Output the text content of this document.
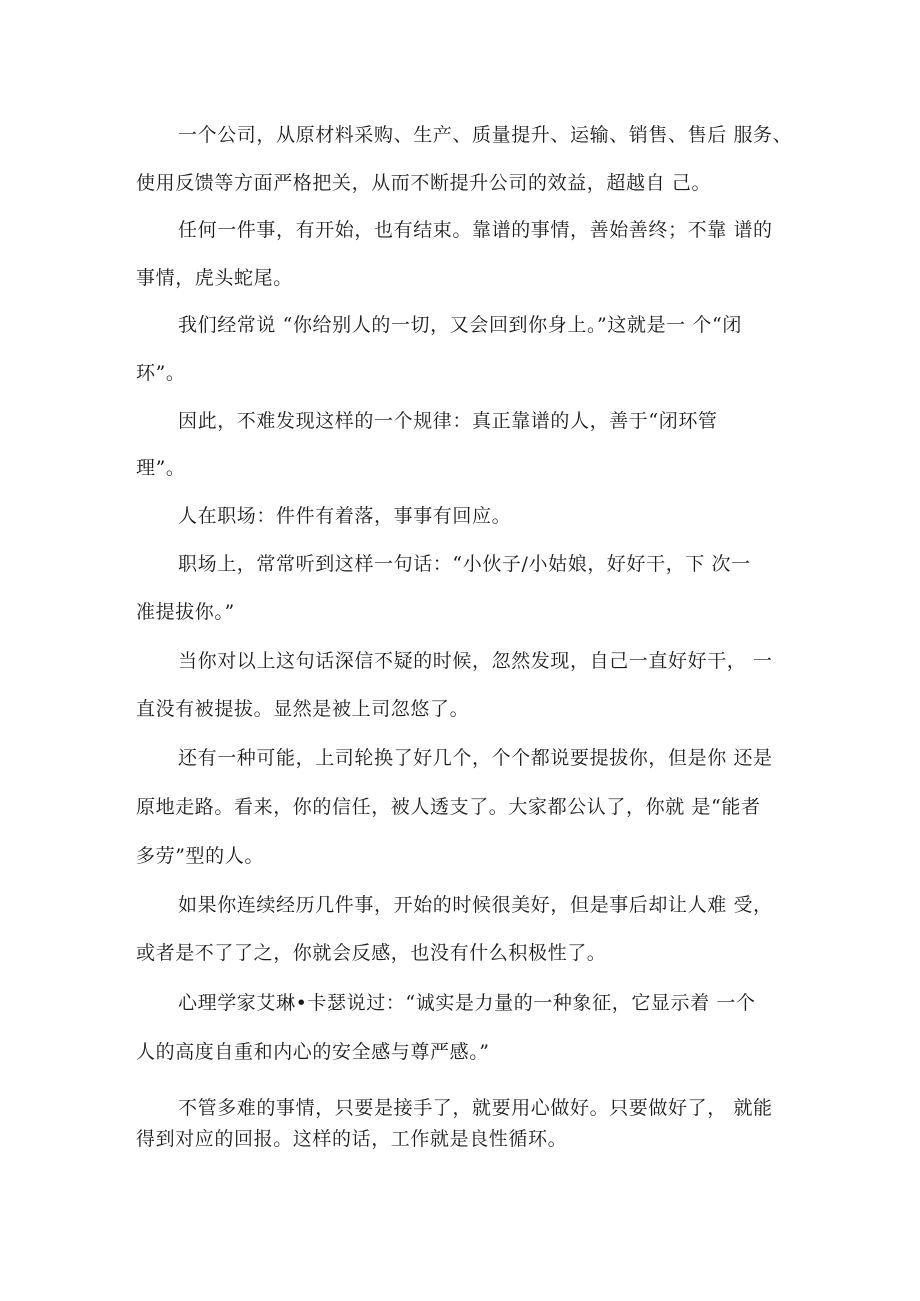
一个公司，从原材料采购、生产、质量提升、运输、销售、售后 服务、
使用反馈等方面严格把关，从而不断提升公司的效益，超越自 己。
任何一件事，有开始，也有结束。靠谱的事情，善始善终；不靠 谱的
事情，虎头蛇尾。
我们经常说 “你给别人的一切，又会回到你身上。”这就是一 个“闭
环”。
因此，不难发现这样的一个规律：真正靠谱的人，善于“闭环管
理”。
人在职场：件件有着落，事事有回应。
职场上，常常听到这样一句话：“小伙子/小姑娘，好好干，下 次一
准提拔你。”
当你对以上这句话深信不疑的时候，忽然发现，自己一直好好干， 一
直没有被提拔。显然是被上司忽悠了。
还有一种可能，上司轮换了好几个，个个都说要提拔你，但是你 还是
原地走路。看来，你的信任，被人透支了。大家都公认了，你就 是“能者
多劳”型的人。
如果你连续经历几件事，开始的时候很美好，但是事后却让人难 受，
或者是不了了之，你就会反感，也没有什么积极性了。
心理学家艾琳•卡瑟说过：“诚实是力量的一种象征，它显示着 一个
人的高度自重和内心的安全感与尊严感。”
不管多难的事情，只要是接手了，就要用心做好。只要做好了， 就能
得到对应的回报。这样的话，工作就是良性循环。
